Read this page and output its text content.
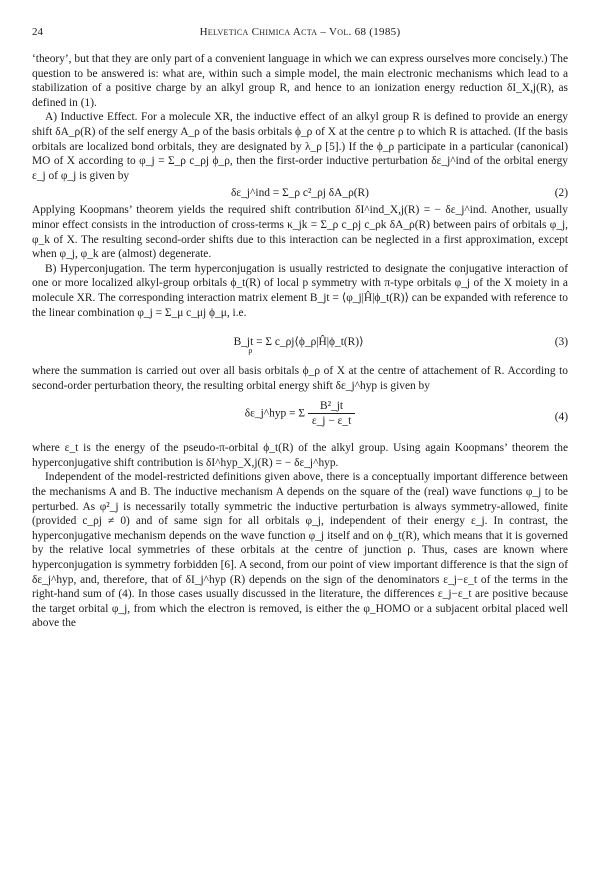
24	Helvetica Chimica Acta – Vol. 68 (1985)

‘theory’, but that they are only part of a convenient language in which we can express ourselves more concisely.) The question to be answered is: what are, within such a simple model, the main electronic mechanisms which lead to a stabilization of a positive charge by an alkyl group R, and hence to an ionization energy reduction δI_X,j(R), as defined in (1).

A) Inductive Effect. For a molecule XR, the inductive effect of an alkyl group R is defined to provide an energy shift δA_ρ(R) of the self energy A_ρ of the basis orbitals ϕ_ρ of X at the centre ρ to which R is attached. (If the basis orbitals are localized bond orbitals, they are designated by λ_ρ [5].) If the ϕ_ρ participate in a particular (canonical) MO of X according to φ_j = Σ_ρ c_ρj ϕ_ρ, then the first-order inductive perturbation δε_j^ind of the orbital energy ε_j of φ_j is given by

δε_j^ind = Σ_ρ c²_ρj δA_ρ(R)	(2)

Applying Koopmans’ theorem yields the required shift contribution δI^ind_X,j(R) = − δε_j^ind. Another, usually minor effect consists in the introduction of cross-terms κ_jk = Σ_ρ c_ρj c_ρk δA_ρ(R) between pairs of orbitals φ_j, φ_k of X. The resulting second-order shifts due to this interaction can be neglected in a first approximation, except when φ_j, φ_k are (almost) degenerate.

B) Hyperconjugation. The term hyperconjugation is usually restricted to designate the conjugative interaction of one or more localized alkyl-group orbitals ϕ_t(R) of local p symmetry with π-type orbitals φ_j of the X moiety in a molecule XR. The corresponding interaction matrix element B_jt = ⟨φ_j|Ĥ|ϕ_t(R)⟩ can be expanded with reference to the linear combination φ_j = Σ_μ c_μj ϕ_μ, i.e.

B_jt = Σ c_ρj⟨ϕ_ρ|Ĥ|ϕ_t(R)⟩ ρ
(3)

where the summation is carried out over all basis orbitals ϕ_ρ of X at the centre of attachement of R. According to second-order perturbation theory, the resulting orbital energy shift δε_j^hyp is given by

δε_j^hyp = Σ $\frac{\text{B²\_jt}}{\varepsilon\_j - \varepsilon\_t}$	(4)

where ε_t is the energy of the pseudo-π-orbital ϕ_t(R) of the alkyl group. Using again Koopmans’ theorem the hyperconjugative shift contribution is δI^hyp_X,j(R) = − δε_j^hyp.

Independent of the model-restricted definitions given above, there is a conceptually important difference between the mechanisms A and B. The inductive mechanism A depends on the square of the (real) wave functions φ_j to be perturbed. As φ²_j is necessarily totally symmetric the inductive perturbation is always symmetry-allowed, finite (provided c_ρj ≠ 0) and of same sign for all orbitals φ_j, independent of their energy ε_j. In contrast, the hyperconjugative mechanism depends on the wave function φ_j itself and on ϕ_t(R), which means that it is governed by the relative local symmetries of these orbitals at the centre of junction ρ. Thus, cases are known where hyperconjugation is symmetry forbidden [6]. A second, from our point of view important difference is that the sign of δε_j^hyp, and, therefore, that of δI_j^hyp (R) depends on the sign of the denominators ε_j−ε_t of the terms in the right-hand sum of (4). In those cases usually discussed in the literature, the differences ε_j−ε_t are positive because the target orbital φ_j, from which the electron is removed, is either the φ_HOMO or a subjacent orbital placed well above the
